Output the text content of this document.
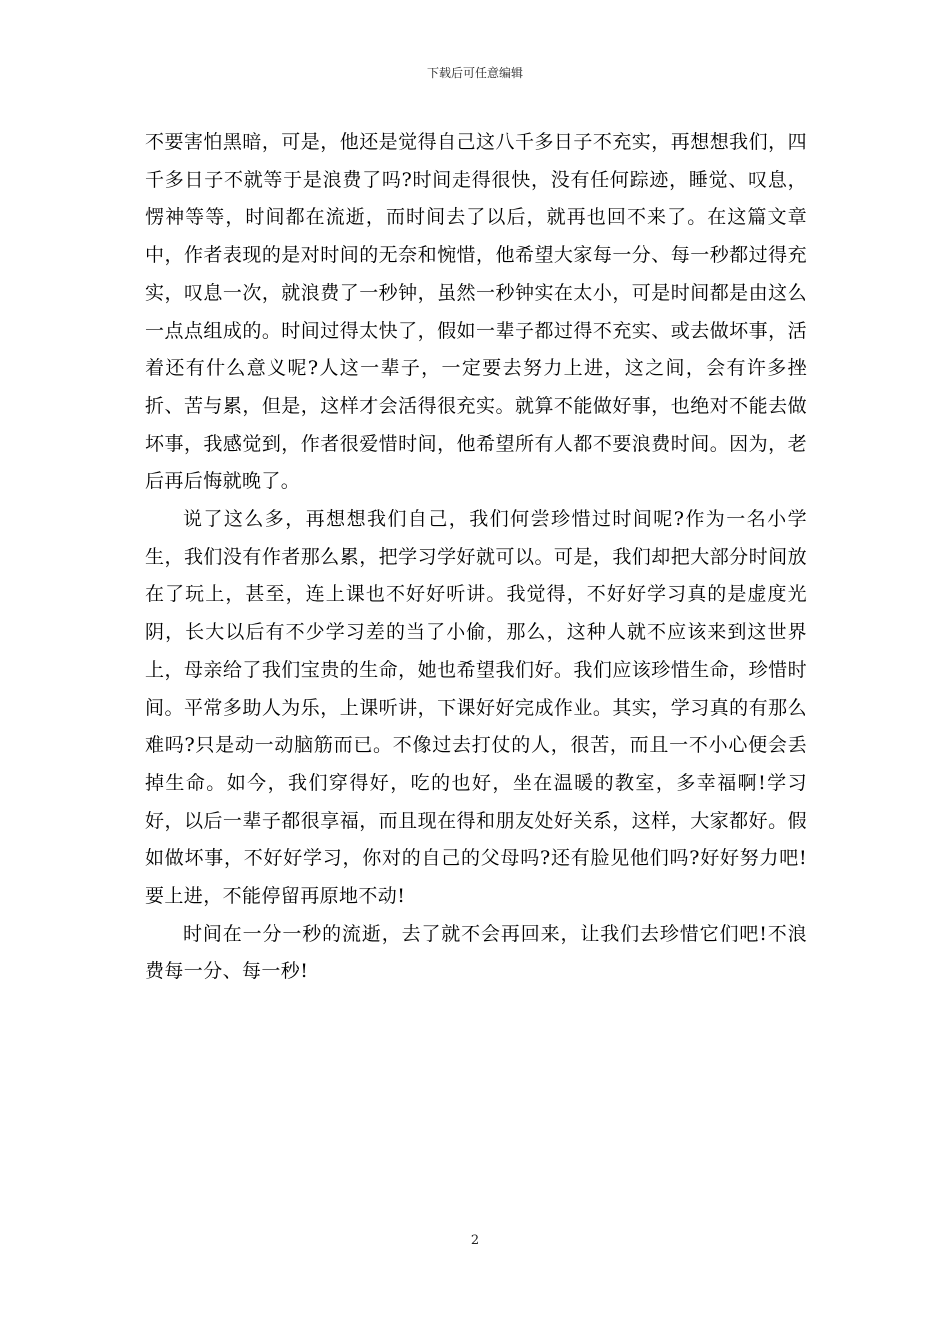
下载后可任意编辑

不要害怕黑暗，可是，他还是觉得自己这八千多日子不充实，再想想我们，四千多日子不就等于是浪费了吗?时间走得很快，没有任何踪迹，睡觉、叹息，愣神等等，时间都在流逝，而时间去了以后，就再也回不来了。在这篇文章中，作者表现的是对时间的无奈和惋惜，他希望大家每一分、每一秒都过得充实，叹息一次，就浪费了一秒钟，虽然一秒钟实在太小，可是时间都是由这么一点点组成的。时间过得太快了，假如一辈子都过得不充实、或去做坏事，活着还有什么意义呢?人这一辈子，一定要去努力上进，这之间，会有许多挫折、苦与累，但是，这样才会活得很充实。就算不能做好事，也绝对不能去做坏事，我感觉到，作者很爱惜时间，他希望所有人都不要浪费时间。因为，老后再后悔就晚了。

说了这么多，再想想我们自己，我们何尝珍惜过时间呢?作为一名小学生，我们没有作者那么累，把学习学好就可以。可是，我们却把大部分时间放在了玩上，甚至，连上课也不好好听讲。我觉得，不好好学习真的是虚度光阴，长大以后有不少学习差的当了小偷，那么，这种人就不应该来到这世界上，母亲给了我们宝贵的生命，她也希望我们好。我们应该珍惜生命，珍惜时间。平常多助人为乐，上课听讲，下课好好完成作业。其实，学习真的有那么难吗?只是动一动脑筋而已。不像过去打仗的人，很苦，而且一不小心便会丢掉生命。如今，我们穿得好，吃的也好，坐在温暖的教室，多幸福啊!学习好，以后一辈子都很享福，而且现在得和朋友处好关系，这样，大家都好。假如做坏事，不好好学习，你对的自己的父母吗?还有脸见他们吗?好好努力吧!要上进，不能停留再原地不动!

时间在一分一秒的流逝，去了就不会再回来，让我们去珍惜它们吧!不浪费每一分、每一秒!

2
